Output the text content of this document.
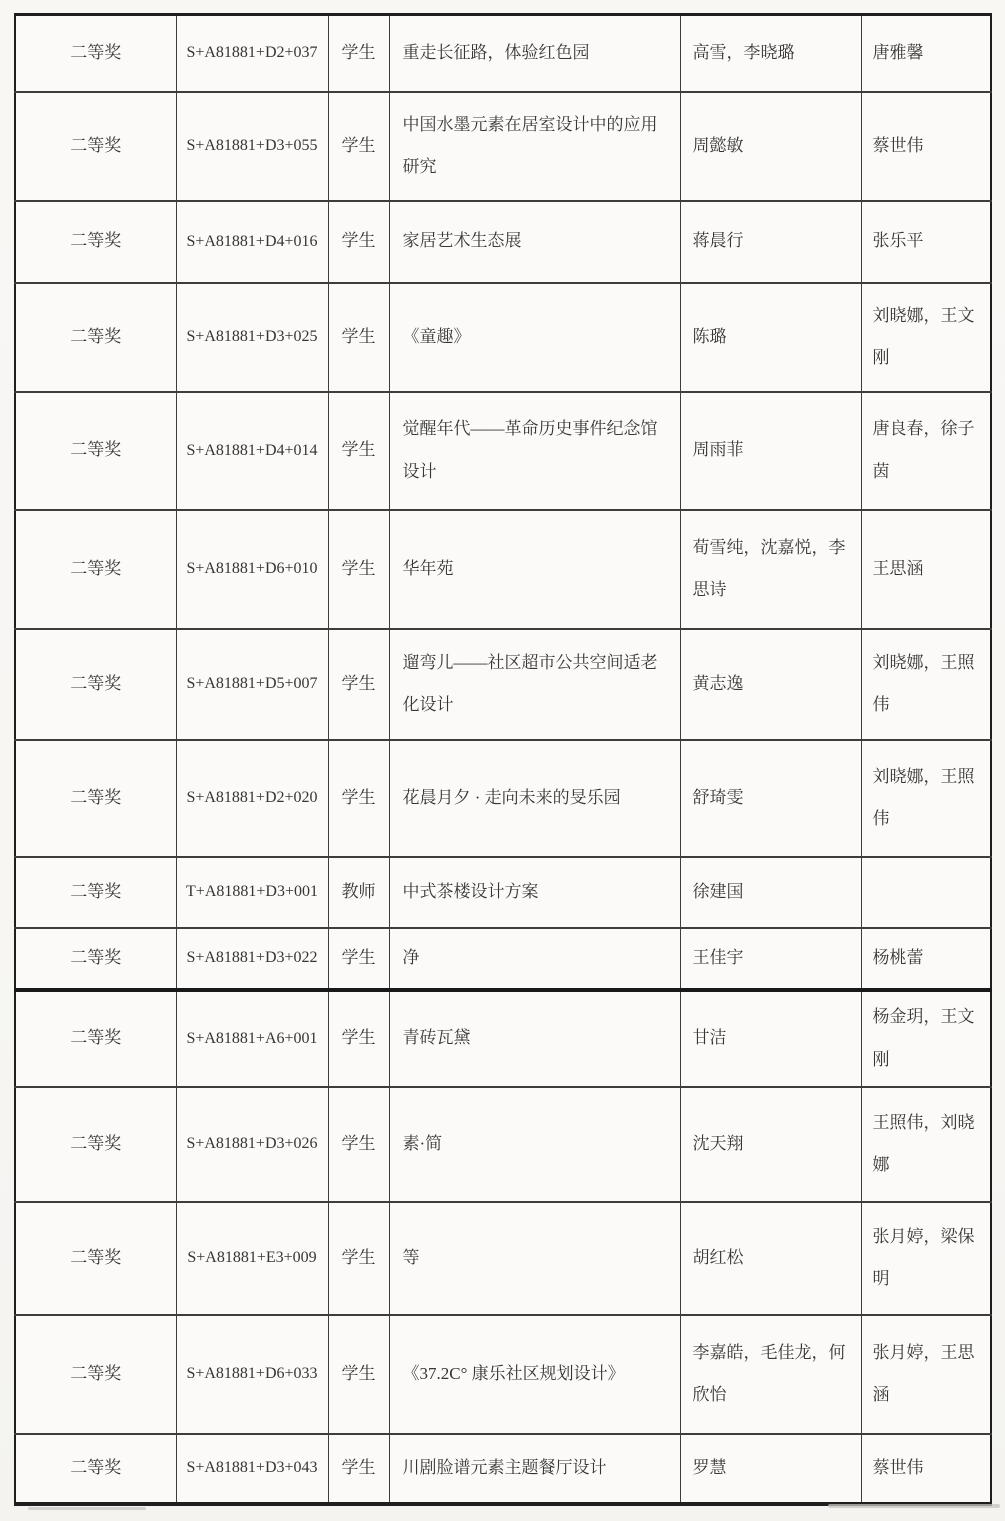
二等奖	S+A81881+D2+037	学生	重走长征路，体验红色园	高雪，李晓璐	唐雅馨
二等奖	S+A81881+D3+055	学生	中国水墨元素在居室设计中的应用研究	周懿敏	蔡世伟
二等奖	S+A81881+D4+016	学生	家居艺术生态展	蒋晨行	张乐平
二等奖	S+A81881+D3+025	学生	《童趣》	陈璐	刘晓娜，王文刚
二等奖	S+A81881+D4+014	学生	觉醒年代——革命历史事件纪念馆设计	周雨菲	唐良春，徐子茵
二等奖	S+A81881+D6+010	学生	华年苑	荀雪纯，沈嘉悦，李思诗	王思涵
二等奖	S+A81881+D5+007	学生	遛弯儿——社区超市公共空间适老化设计	黄志逸	刘晓娜，王照伟
二等奖	S+A81881+D2+020	学生	花晨月夕 · 走向未来的旻乐园	舒琦雯	刘晓娜，王照伟
二等奖	T+A81881+D3+001	教师	中式茶楼设计方案	徐建国	
二等奖	S+A81881+D3+022	学生	净	王佳宇	杨桃蕾
二等奖	S+A81881+A6+001	学生	青砖瓦黛	甘洁	杨金玥，王文刚
二等奖	S+A81881+D3+026	学生	素·简	沈天翔	王照伟，刘晓娜
二等奖	S+A81881+E3+009	学生	等	胡红松	张月婷，梁保明
二等奖	S+A81881+D6+033	学生	《37.2C° 康乐社区规划设计》	李嘉皓，毛佳龙，何欣怡	张月婷，王思涵
二等奖	S+A81881+D3+043	学生	川剧脸谱元素主题餐厅设计	罗慧	蔡世伟
